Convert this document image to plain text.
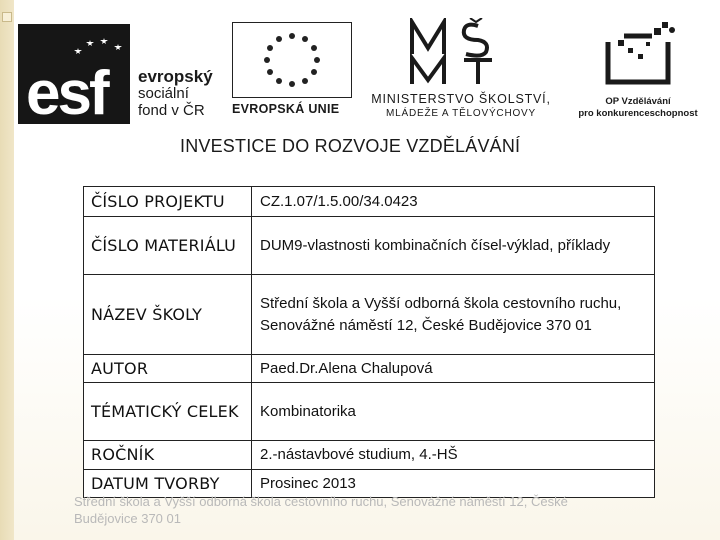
esf evropský
sociální
fond v ČR	EVROPSKÁ UNIE
MINISTERSTVO ŠKOLSTVÍ,
MLÁDEŽE A TĚLOVÝCHOVY
OP Vzdělávání
pro konkurenceschopnost
INVESTICE DO ROZVOJE VZDĚLÁVÁNÍ
ČÍSLO PROJEKTU	CZ.1.07/1.5.00/34.0423
ČÍSLO MATERIÁLU	DUM9-vlastnosti kombinačních čísel-výklad, příklady
NÁZEV ŠKOLY	Střední škola a Vyšší odborná škola cestovního ruchu, Senovážné náměstí 12, České Budějovice 370 01
AUTOR	Paed.Dr.Alena Chalupová
TÉMATICKÝ CELEK	Kombinatorika
ROČNÍK	2.-nástavbové studium, 4.-HŠ
DATUM TVORBY	Prosinec 2013
Střední škola a Vyšší odborná škola cestovního ruchu, Senovážné náměstí 12, České Budějovice 370 01
